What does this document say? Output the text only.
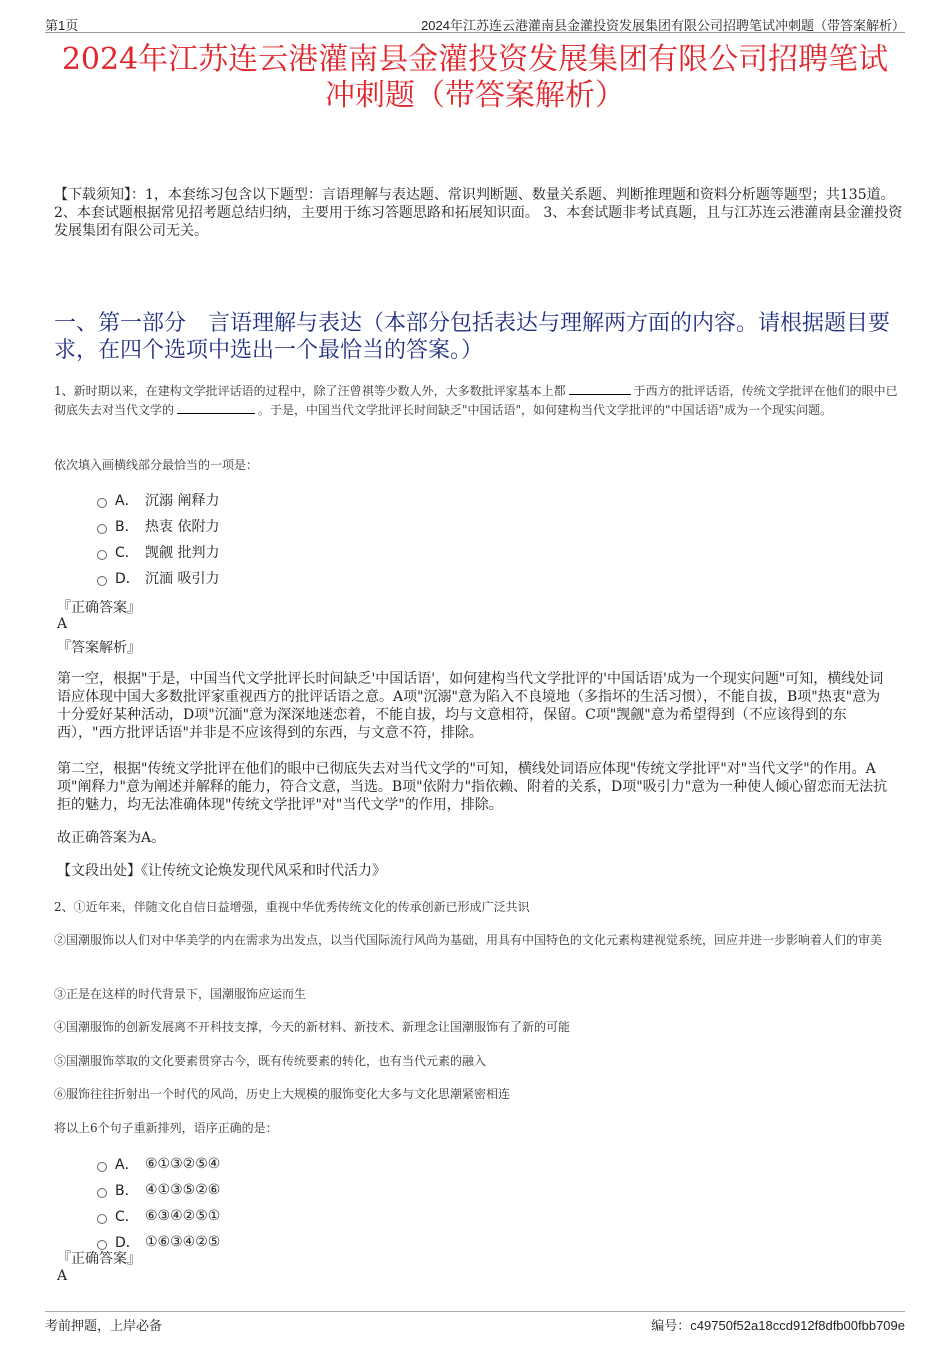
第1页	2024年江苏连云港灌南县金灌投资发展集团有限公司招聘笔试冲刺题（带答案解析）
2024年江苏连云港灌南县金灌投资发展集团有限公司招聘笔试
冲刺题（带答案解析）
【下载须知】：1，本套练习包含以下题型：言语理解与表达题、常识判断题、数量关系题、判断推理题和资料分析题等题型；共135道。 2、本套试题根据常见招考题总结归纳，主要用于练习答题思路和拓展知识面。 3、本套试题非考试真题，且与江苏连云港灌南县金灌投资发展集团有限公司无关。
一、第一部分　言语理解与表达（本部分包括表达与理解两方面的内容。请根据题目要求，在四个选项中选出一个最恰当的答案。）
1、新时期以来，在建构文学批评话语的过程中，除了汪曾祺等少数人外，大多数批评家基本上都	于西方的批评话语，传统文学批评在他们的眼中已彻底失去对当代文学的	。于是，中国当代文学批评长时间缺乏"中国话语"，如何建构当代文学批评的"中国话语"成为一个现实问题。
依次填入画横线部分最恰当的一项是：
A． 沉溺 阐释力
B． 热衷 依附力
C． 觊觎 批判力
D． 沉湎 吸引力
『正确答案』
A
『答案解析』
第一空，根据"于是，中国当代文学批评长时间缺乏'中国话语'，如何建构当代文学批评的'中国话语'成为一个现实问题"可知，横线处词语应体现中国大多数批评家重视西方的批评话语之意。A项"沉溺"意为陷入不良境地（多指坏的生活习惯），不能自拔，B项"热衷"意为十分爱好某种活动，D项"沉湎"意为深深地迷恋着，不能自拔，均与文意相符，保留。C项"觊觎"意为希望得到（不应该得到的东西），"西方批评话语"并非是不应该得到的东西，与文意不符，排除。
第二空，根据"传统文学批评在他们的眼中已彻底失去对当代文学的"可知，横线处词语应体现"传统文学批评"对"当代文学"的作用。A项"阐释力"意为阐述并解释的能力，符合文意，当选。B项"依附力"指依赖、附着的关系，D项"吸引力"意为一种使人倾心留恋而无法抗拒的魅力，均无法准确体现"传统文学批评"对"当代文学"的作用，排除。
故正确答案为A。
【文段出处】《让传统文论焕发现代风采和时代活力》
2、①近年来，伴随文化自信日益增强，重视中华优秀传统文化的传承创新已形成广泛共识
②国潮服饰以人们对中华美学的内在需求为出发点，以当代国际流行风尚为基础，用具有中国特色的文化元素构建视觉系统，回应并进一步影响着人们的审美
③正是在这样的时代背景下，国潮服饰应运而生
④国潮服饰的创新发展离不开科技支撑，今天的新材料、新技术、新理念让国潮服饰有了新的可能
⑤国潮服饰萃取的文化要素贯穿古今，既有传统要素的转化，也有当代元素的融入
⑥服饰往往折射出一个时代的风尚，历史上大规模的服饰变化大多与文化思潮紧密相连
将以上6个句子重新排列，语序正确的是：
A． ⑥①③②⑤④
B． ④①③⑤②⑥
C． ⑥③④②⑤①
D． ①⑥③④②⑤
『正确答案』
A
考前押题，上岸必备	编号：c49750f52a18ccd912f8dfb00fbb709e
